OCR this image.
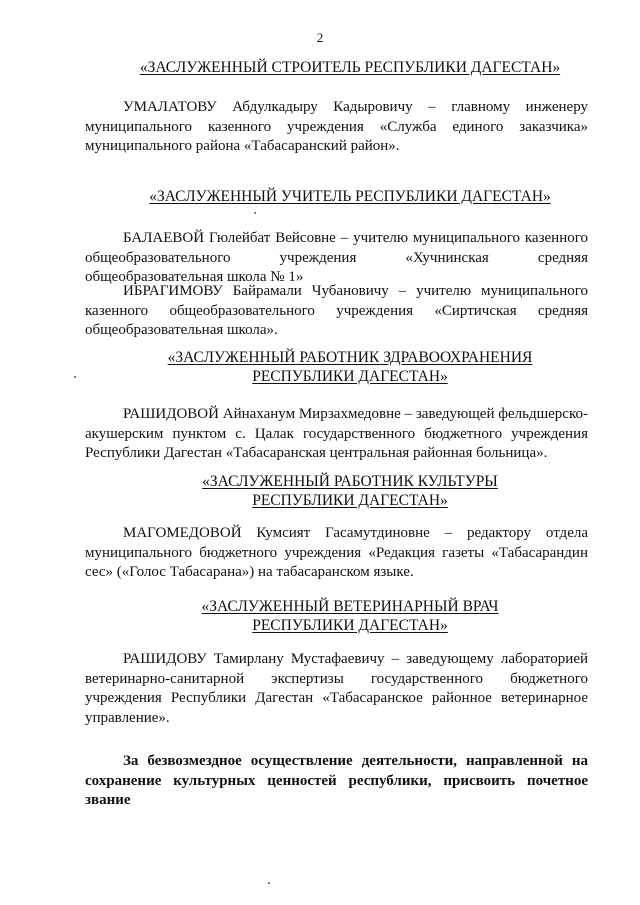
2
«ЗАСЛУЖЕННЫЙ СТРОИТЕЛЬ РЕСПУБЛИКИ ДАГЕСТАН»
УМАЛАТОВУ Абдулкадыру Кадыровичу – главному инженеру
муниципального казенного учреждения «Служба единого заказчика»
муниципального района «Табасаранский район».
«ЗАСЛУЖЕННЫЙ УЧИТЕЛЬ РЕСПУБЛИКИ ДАГЕСТАН»
БАЛАЕВОЙ Гюлейбат Вейсовне – учителю муниципального казенного
общеобразовательного учреждения «Хучнинская средняя
общеобразовательная школа № 1»
ИБРАГИМОВУ Байрамали Чубановичу – учителю муниципального
казенного общеобразовательного учреждения «Сиртичская средняя
общеобразовательная школа».
«ЗАСЛУЖЕННЫЙ РАБОТНИК ЗДРАВООХРАНЕНИЯ
РЕСПУБЛИКИ ДАГЕСТАН»
РАШИДОВОЙ Айнаханум Мирзахмедовне – заведующей фельдшерско-
акушерским пунктом с. Цалак государственного бюджетного учреждения
Республики Дагестан «Табасаранская центральная районная больница».
«ЗАСЛУЖЕННЫЙ РАБОТНИК КУЛЬТУРЫ
РЕСПУБЛИКИ ДАГЕСТАН»
МАГОМЕДОВОЙ Кумсият Гасамутдиновне – редактору отдела
муниципального бюджетного учреждения «Редакция газеты «Табасарандин
сес» («Голос Табасарана») на табасаранском языке.
«ЗАСЛУЖЕННЫЙ ВЕТЕРИНАРНЫЙ ВРАЧ
РЕСПУБЛИКИ ДАГЕСТАН»
РАШИДОВУ Тамирлану Мустафаевичу – заведующему лабораторией
ветеринарно-санитарной экспертизы государственного бюджетного
учреждения Республики Дагестан «Табасаранское районное ветеринарное
управление».
За безвозмездное осуществление деятельности, направленной на
сохранение культурных ценностей республики, присвоить почетное
звание
